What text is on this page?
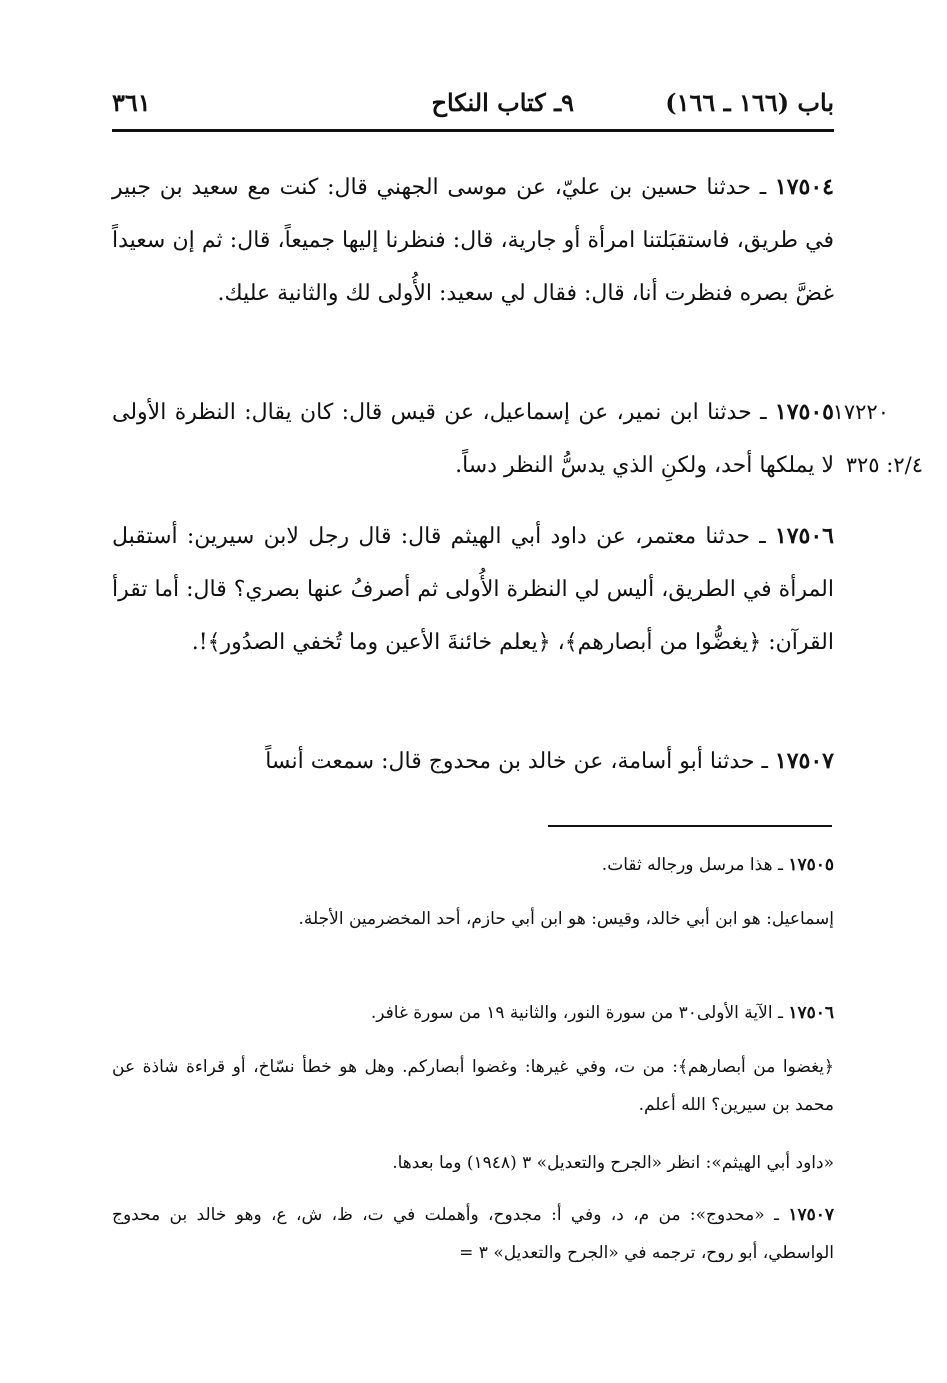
باب (١٦٦ ـ ١٦٦)
٩ـ كتاب النكاح
٣٦١

١٧٥٠٤ ـ حدثنا حسين بن عليّ، عن موسى الجهني قال: كنت مع سعيد بن جبير في طريق، فاستقبَلتنا امرأة أو جارية، قال: فنظرنا إليها جميعاً، قال: ثم إن سعيداً غضَّ بصره فنظرت أنا، قال: فقال لي سعيد: الأُولى لك والثانية عليك.

١٧٥٠٥ ـ حدثنا ابن نمير، عن إسماعيل، عن قيس قال: كان يقال: النظرة الأولى لا يملكها أحد، ولكنِ الذي يدسُّ النظر دساً.

١٧٢٢٠
٢/٤: ٣٢٥

١٧٥٠٦ ـ حدثنا معتمر، عن داود أبي الهيثم قال: قال رجل لابن سيرين: أستقبل المرأة في الطريق، أليس لي النظرة الأُولى ثم أصرفُ عنها بصري؟ قال: أما تقرأ القرآن: ﴿يغضُّوا من أبصارهم﴾، ﴿يعلم خائنةَ الأعين وما تُخفي الصدُور﴾!.

١٧٥٠٧ ـ حدثنا أبو أسامة، عن خالد بن محدوج قال: سمعت أنساً

١٧٥٠٥ ـ هذا مرسل ورجاله ثقات.

إسماعيل: هو ابن أبي خالد، وقيس: هو ابن أبي حازم، أحد المخضرمين الأجلة.

١٧٥٠٦ ـ الآية الأولى٣٠ من سورة النور، والثانية ١٩ من سورة غافر.

﴿يغضوا من أبصارهم﴾: من ت، وفي غيرها: وغضوا أبصاركم. وهل هو خطأ نسّاخ، أو قراءة شاذة عن محمد بن سيرين؟ الله أعلم.

«داود أبي الهيثم»: انظر «الجرح والتعديل» ٣ (١٩٤٨) وما بعدها.

١٧٥٠٧ ـ «محدوج»: من م، د، وفي أ: مجدوح، وأهملت في ت، ظ، ش، ع، وهو خالد بن محدوج الواسطي، أبو روح، ترجمه في «الجرح والتعديل» ٣ =
